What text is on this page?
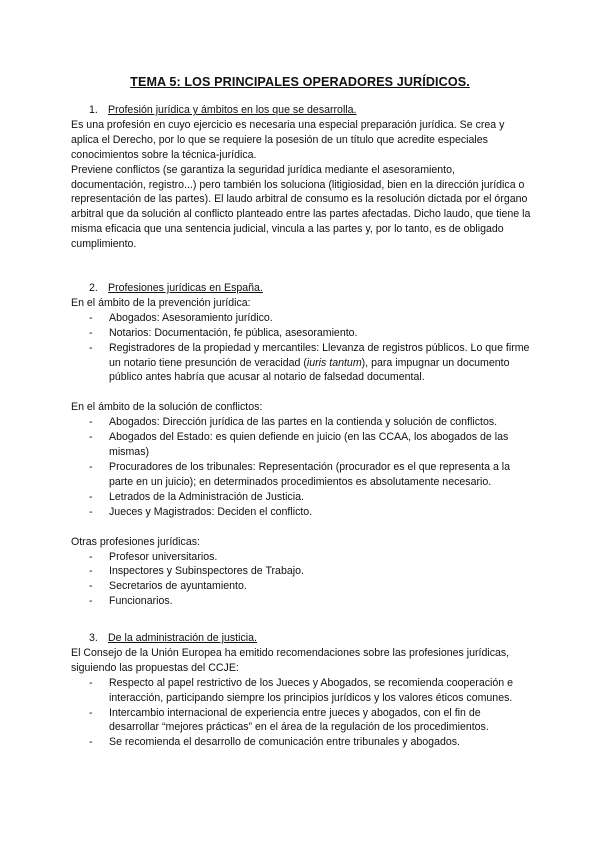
TEMA 5: LOS PRINCIPALES OPERADORES JURÍDICOS.
1. Profesión jurídica y ámbitos en los que se desarrolla.

Es una profesión en cuyo ejercicio es necesaria una especial preparación jurídica. Se crea y aplica el Derecho, por lo que se requiere la posesión de un título que acredite especiales conocimientos sobre la técnica-jurídica.

Previene conflictos (se garantiza la seguridad jurídica mediante el asesoramiento, documentación, registro...) pero también los soluciona (litigiosidad, bien en la dirección jurídica o representación de las partes). El laudo arbitral de consumo es la resolución dictada por el órgano arbitral que da solución al conflicto planteado entre las partes afectadas. Dicho laudo, que tiene la misma eficacia que una sentencia judicial, vincula a las partes y, por lo tanto, es de obligado cumplimiento.

2. Profesiones jurídicas en España.

En el ámbito de la prevención jurídica:

- Abogados: Asesoramiento jurídico.
- Notarios: Documentación, fe pública, asesoramiento.
- Registradores de la propiedad y mercantiles: Llevanza de registros públicos. Lo que firme un notario tiene presunción de veracidad (iuris tantum), para impugnar un documento público antes habría que acusar al notario de falsedad documental.

En el ámbito de la solución de conflictos:

- Abogados: Dirección jurídica de las partes en la contienda y solución de conflictos.
- Abogados del Estado: es quien defiende en juicio (en las CCAA, los abogados de las mismas)
- Procuradores de los tribunales: Representación (procurador es el que representa a la parte en un juicio); en determinados procedimientos es absolutamente necesario.
- Letrados de la Administración de Justicia.
- Jueces y Magistrados: Deciden el conflicto.

Otras profesiones jurídicas:

- Profesor universitarios.
- Inspectores y Subinspectores de Trabajo.
- Secretarios de ayuntamiento.
- Funcionarios.
3. De la administración de justicia.

El Consejo de la Unión Europea ha emitido recomendaciones sobre las profesiones jurídicas, siguiendo las propuestas del CCJE:

- Respecto al papel restrictivo de los Jueces y Abogados, se recomienda cooperación e interacción, participando siempre los principios jurídicos y los valores éticos comunes.
- Intercambio internacional de experiencia entre jueces y abogados, con el fin de desarrollar “mejores prácticas” en el área de la regulación de los procedimientos.
- Se recomienda el desarrollo de comunicación entre tribunales y abogados.
